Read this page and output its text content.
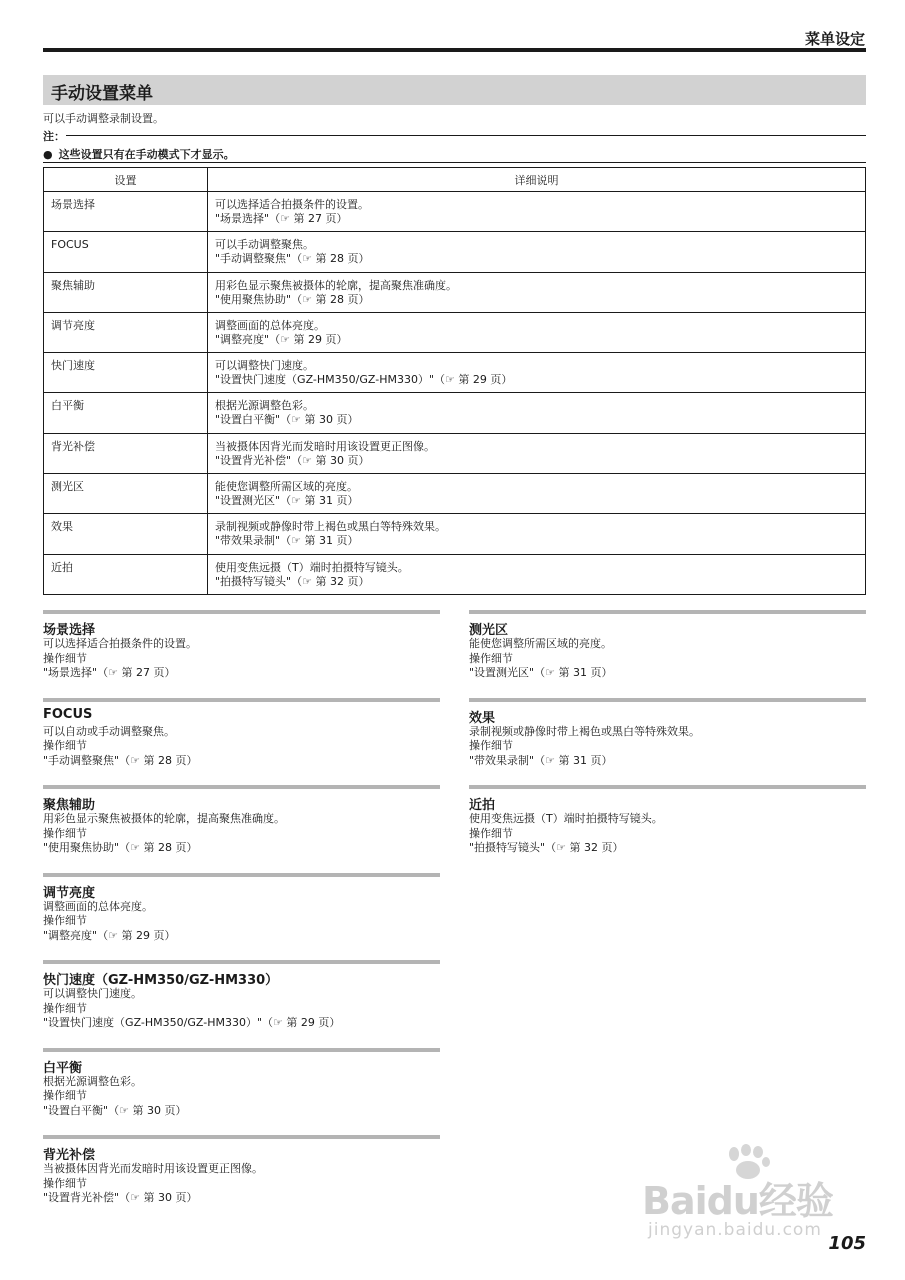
菜单设定
手动设置菜单
可以手动调整录制设置。
注：
● 这些设置只有在手动模式下才显示。
设置	详细说明
场景选择	可以选择适合拍摄条件的设置。
"场景选择"（☞ 第 27 页）

FOCUS	可以手动调整聚焦。
"手动调整聚焦"（☞ 第 28 页）

聚焦辅助	用彩色显示聚焦被摄体的轮廓，提高聚焦准确度。
"使用聚焦协助"（☞ 第 28 页）

调节亮度	调整画面的总体亮度。
"调整亮度"（☞ 第 29 页）

快门速度	可以调整快门速度。
"设置快门速度（GZ-HM350/GZ-HM330）"（☞ 第 29 页）

白平衡	根据光源调整色彩。
"设置白平衡"（☞ 第 30 页）

背光补偿	当被摄体因背光而发暗时用该设置更正图像。
"设置背光补偿"（☞ 第 30 页）

测光区	能使您调整所需区域的亮度。
"设置测光区"（☞ 第 31 页）

效果	录制视频或静像时带上褐色或黑白等特殊效果。
"带效果录制"（☞ 第 31 页）

近拍	使用变焦远摄（T）端时拍摄特写镜头。
"拍摄特写镜头"（☞ 第 32 页）
场景选择
可以选择适合拍摄条件的设置。
操作细节
"场景选择"（☞ 第 27 页）
FOCUS
可以自动或手动调整聚焦。
操作细节
"手动调整聚焦"（☞ 第 28 页）
聚焦辅助
用彩色显示聚焦被摄体的轮廓，提高聚焦准确度。
操作细节
"使用聚焦协助"（☞ 第 28 页）
调节亮度
调整画面的总体亮度。
操作细节
"调整亮度"（☞ 第 29 页）
快门速度（GZ-HM350/GZ-HM330）
可以调整快门速度。
操作细节
"设置快门速度（GZ-HM350/GZ-HM330）"（☞ 第 29 页）
白平衡
根据光源调整色彩。
操作细节
"设置白平衡"（☞ 第 30 页）
背光补偿
当被摄体因背光而发暗时用该设置更正图像。
操作细节
"设置背光补偿"（☞ 第 30 页）
测光区
能使您调整所需区域的亮度。
操作细节
"设置测光区"（☞ 第 31 页）
效果
录制视频或静像时带上褐色或黑白等特殊效果。
操作细节
"带效果录制"（☞ 第 31 页）
近拍
使用变焦远摄（T）端时拍摄特写镜头。
操作细节
"拍摄特写镜头"（☞ 第 32 页）
Baidu经验
jingyan.baidu.com
105
